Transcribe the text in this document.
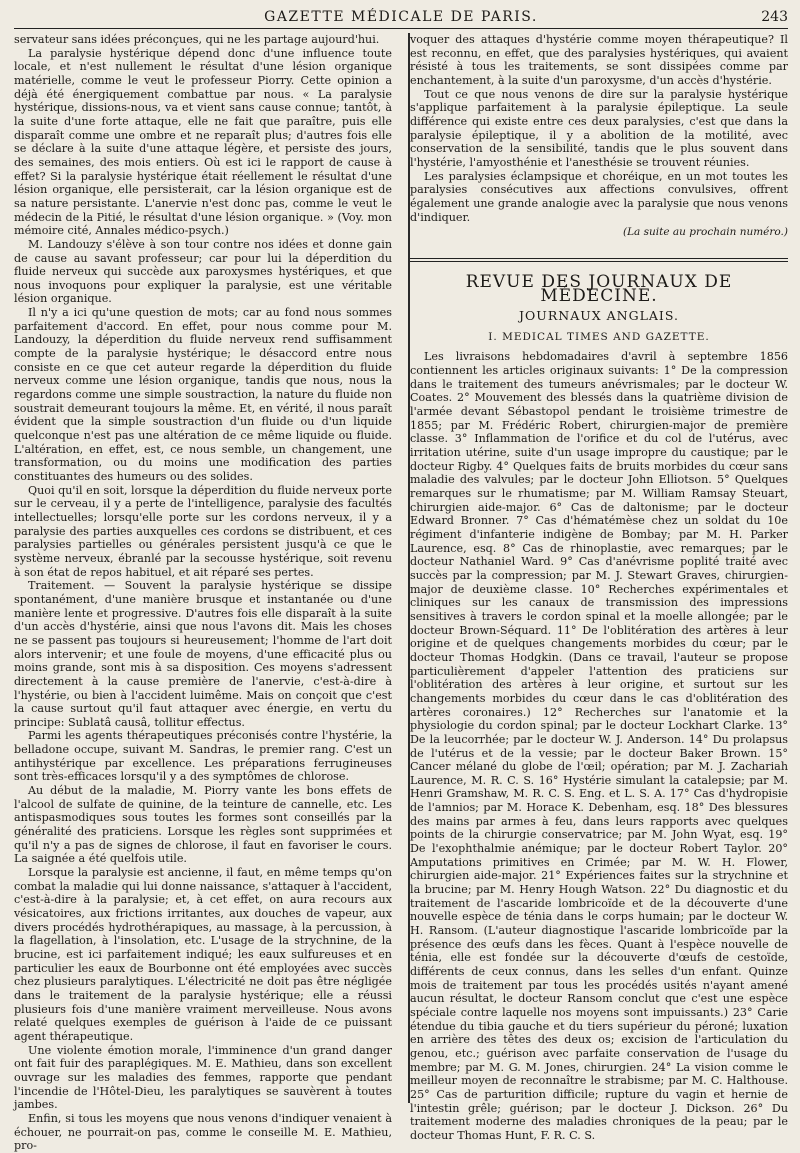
GAZETTE MÉDICALE DE PARIS.	243

servateur sans idées préconçues, qui ne les partage aujourd'hui.

La paralysie hystérique dépend donc d'une influence toute locale, et n'est nullement le résultat d'une lésion organique matérielle, comme le veut le professeur Piorry. Cette opinion a déjà été énergiquement combattue par nous. « La paralysie hystérique, dissions-nous, va et vient sans cause connue; tantôt, à la suite d'une forte attaque, elle ne fait que paraître, puis elle disparaît comme une ombre et ne reparaît plus; d'autres fois elle se déclare à la suite d'une attaque légère, et persiste des jours, des semaines, des mois entiers. Où est ici le rapport de cause à effet? Si la paralysie hystérique était réellement le résultat d'une lésion organique, elle persisterait, car la lésion organique est de sa nature persistante. L'anervie n'est donc pas, comme le veut le médecin de la Pitié, le résultat d'une lésion organique. » (Voy. mon mémoire cité, Annales médico-psych.)

M. Landouzy s'élève à son tour contre nos idées et donne gain de cause au savant professeur; car pour lui la déperdition du fluide nerveux qui succède aux paroxysmes hystériques, et que nous invoquons pour expliquer la paralysie, est une véritable lésion organique.

Il n'y a ici qu'une question de mots; car au fond nous sommes parfaitement d'accord. En effet, pour nous comme pour M. Landouzy, la déperdition du fluide nerveux rend suffisamment compte de la paralysie hystérique; le désaccord entre nous consiste en ce que cet auteur regarde la déperdition du fluide nerveux comme une lésion organique, tandis que nous, nous la regardons comme une simple soustraction, la nature du fluide non soustrait demeurant toujours la même. Et, en vérité, il nous paraît évident que la simple soustraction d'un fluide ou d'un liquide quelconque n'est pas une altération de ce même liquide ou fluide. L'altération, en effet, est, ce nous semble, un changement, une transformation, ou du moins une modification des parties constituantes des humeurs ou des solides.

Quoi qu'il en soit, lorsque la déperdition du fluide nerveux porte sur le cerveau, il y a perte de l'intelligence, paralysie des facultés intellectuelles; lorsqu'elle porte sur les cordons nerveux, il y a paralysie des parties auxquelles ces cordons se distribuent, et ces paralysies partielles ou générales persistent jusqu'à ce que le système nerveux, ébranlé par la secousse hystérique, soit revenu à son état de repos habituel, et ait réparé ses pertes.

Traitement. — Souvent la paralysie hystérique se dissipe spontanément, d'une manière brusque et instantanée ou d'une manière lente et progressive. D'autres fois elle disparaît à la suite d'un accès d'hystérie, ainsi que nous l'avons dit. Mais les choses ne se passent pas toujours si heureusement; l'homme de l'art doit alors intervenir; et une foule de moyens, d'une efficacité plus ou moins grande, sont mis à sa disposition. Ces moyens s'adressent directement à la cause première de l'anervie, c'est-à-dire à l'hystérie, ou bien à l'accident luimême. Mais on conçoit que c'est la cause surtout qu'il faut attaquer avec énergie, en vertu du principe: Sublatâ causâ, tollitur effectus.

Parmi les agents thérapeutiques préconisés contre l'hystérie, la belladone occupe, suivant M. Sandras, le premier rang. C'est un antihystérique par excellence. Les préparations ferrugineuses sont très-efficaces lorsqu'il y a des symptômes de chlorose.

Au début de la maladie, M. Piorry vante les bons effets de l'alcool de sulfate de quinine, de la teinture de cannelle, etc. Les antispasmodiques sous toutes les formes sont conseillés par la généralité des praticiens. Lorsque les règles sont supprimées et qu'il n'y a pas de signes de chlorose, il faut en favoriser le cours. La saignée a été quelfois utile.

Lorsque la paralysie est ancienne, il faut, en même temps qu'on combat la maladie qui lui donne naissance, s'attaquer à l'accident, c'est-à-dire à la paralysie; et, à cet effet, on aura recours aux vésicatoires, aux frictions irritantes, aux douches de vapeur, aux divers procédés hydrothérapiques, au massage, à la percussion, à la flagellation, à l'insolation, etc. L'usage de la strychnine, de la brucine, est ici parfaitement indiqué; les eaux sulfureuses et en particulier les eaux de Bourbonne ont été employées avec succès chez plusieurs paralytiques. L'électricité ne doit pas être négligée dans le traitement de la paralysie hystérique; elle a réussi plusieurs fois d'une manière vraiment merveilleuse. Nous avons relaté quelques exemples de guérison à l'aide de ce puissant agent thérapeutique.

Une violente émotion morale, l'imminence d'un grand danger ont fait fuir des paraplégiques. M. E. Mathieu, dans son excellent ouvrage sur les maladies des femmes, rapporte que pendant l'incendie de l'Hôtel-Dieu, les paralytiques se sauvèrent à toutes jambes.

Enfin, si tous les moyens que nous venons d'indiquer venaient à échouer, ne pourrait-on pas, comme le conseille M. E. Mathieu, pro-

voquer des attaques d'hystérie comme moyen thérapeutique? Il est reconnu, en effet, que des paralysies hystériques, qui avaient résisté à tous les traitements, se sont dissipées comme par enchantement, à la suite d'un paroxysme, d'un accès d'hystérie.

Tout ce que nous venons de dire sur la paralysie hystérique s'applique parfaitement à la paralysie épileptique. La seule différence qui existe entre ces deux paralysies, c'est que dans la paralysie épileptique, il y a abolition de la motilité, avec conservation de la sensibilité, tandis que le plus souvent dans l'hystérie, l'amyosthénie et l'anesthésie se trouvent réunies.

Les paralysies éclampsique et choréique, en un mot toutes les paralysies consécutives aux affections convulsives, offrent également une grande analogie avec la paralysie que nous venons d'indiquer.

(La suite au prochain numéro.)
REVUE DES JOURNAUX DE MÉDECINE.
JOURNAUX ANGLAIS.
I. MEDICAL TIMES AND GAZETTE.

Les livraisons hebdomadaires d'avril à septembre 1856 contiennent les articles originaux suivants: 1° De la compression dans le traitement des tumeurs anévrismales; par le docteur W. Coates. 2° Mouvement des blessés dans la quatrième division de l'armée devant Sébastopol pendant le troisième trimestre de 1855; par M. Frédéric Robert, chirurgien-major de première classe. 3° Inflammation de l'orifice et du col de l'utérus, avec irritation utérine, suite d'un usage impropre du caustique; par le docteur Rigby. 4° Quelques faits de bruits morbides du cœur sans maladie des valvules; par le docteur John Elliotson. 5° Quelques remarques sur le rhumatisme; par M. William Ramsay Steuart, chirurgien aide-major. 6° Cas de daltonisme; par le docteur Edward Bronner. 7° Cas d'hématémèse chez un soldat du 10e régiment d'infanterie indigène de Bombay; par M. H. Parker Laurence, esq. 8° Cas de rhinoplastie, avec remarques; par le docteur Nathaniel Ward. 9° Cas d'anévrisme poplité traité avec succès par la compression; par M. J. Stewart Graves, chirurgien-major de deuxième classe. 10° Recherches expérimentales et cliniques sur les canaux de transmission des impressions sensitives à travers le cordon spinal et la moelle allongée; par le docteur Brown-Séquard. 11° De l'oblitération des artères à leur origine et de quelques changements morbides du cœur; par le docteur Thomas Hodgkin. (Dans ce travail, l'auteur se propose particulièrement d'appeler l'attention des praticiens sur l'oblitération des artères à leur origine, et surtout sur les changements morbides du cœur dans le cas d'oblitération des artères coronaires.) 12° Recherches sur l'anatomie et la physiologie du cordon spinal; par le docteur Lockhart Clarke. 13° De la leucorrhée; par le docteur W. J. Anderson. 14° Du prolapsus de l'utérus et de la vessie; par le docteur Baker Brown. 15° Cancer mélané du globe de l'œil; opération; par M. J. Zachariah Laurence, M. R. C. S. 16° Hystérie simulant la catalepsie; par M. Henri Gramshaw, M. R. C. S. Eng. et L. S. A. 17° Cas d'hydropisie de l'amnios; par M. Horace K. Debenham, esq. 18° Des blessures des mains par armes à feu, dans leurs rapports avec quelques points de la chirurgie conservatrice; par M. John Wyat, esq. 19° De l'exophthalmie anémique; par le docteur Robert Taylor. 20° Amputations primitives en Crimée; par M. W. H. Flower, chirurgien aide-major. 21° Expériences faites sur la strychnine et la brucine; par M. Henry Hough Watson. 22° Du diagnostic et du traitement de l'ascaride lombricoïde et de la découverte d'une nouvelle espèce de ténia dans le corps humain; par le docteur W. H. Ransom. (L'auteur diagnostique l'ascaride lombricoïde par la présence des œufs dans les fèces. Quant à l'espèce nouvelle de ténia, elle est fondée sur la découverte d'œufs de cestoïde, différents de ceux connus, dans les selles d'un enfant. Quinze mois de traitement par tous les procédés usités n'ayant amené aucun résultat, le docteur Ransom conclut que c'est une espèce spéciale contre laquelle nos moyens sont impuissants.) 23° Carie étendue du tibia gauche et du tiers supérieur du péroné; luxation en arrière des têtes des deux os; excision de l'articulation du genou, etc.; guérison avec parfaite conservation de l'usage du membre; par M. G. M. Jones, chirurgien. 24° La vision comme le meilleur moyen de reconnaître le strabisme; par M. C. Halthouse. 25° Cas de parturition difficile; rupture du vagin et hernie de l'intestin grêle; guérison; par le docteur J. Dickson. 26° Du traitement moderne des maladies chroniques de la peau; par le docteur Thomas Hunt, F. R. C. S.
